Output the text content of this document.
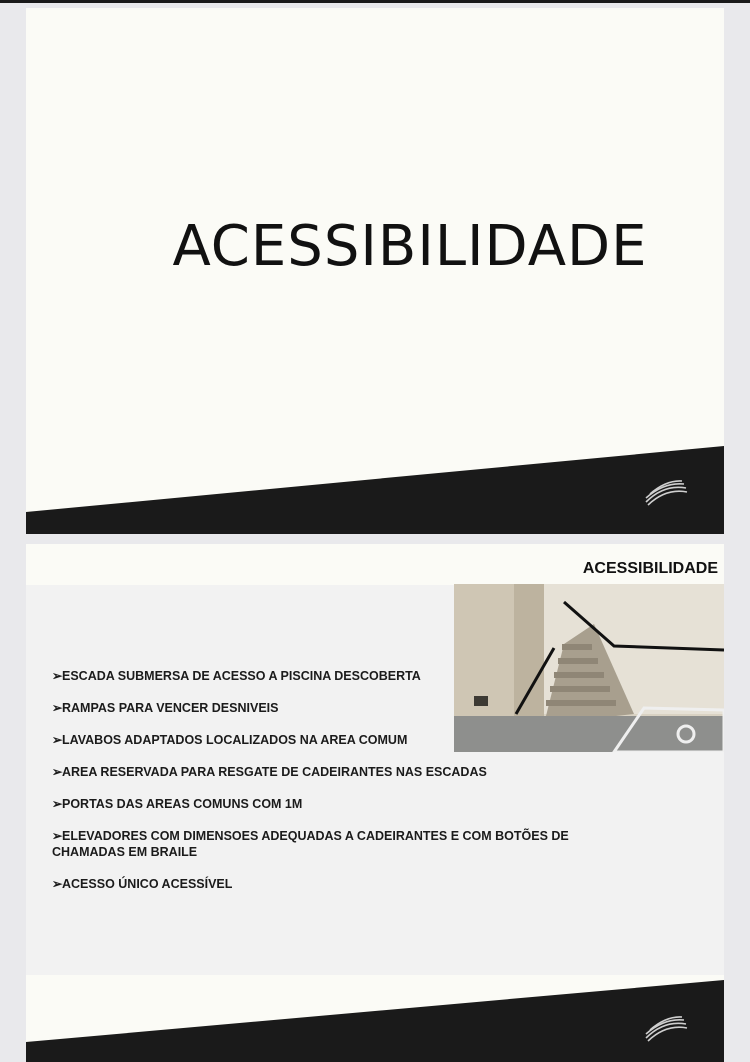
ACESSIBILIDADE
ACESSIBILIDADE
➢ESCADA SUBMERSA DE ACESSO A PISCINA DESCOBERTA
➢RAMPAS PARA VENCER DESNIVEIS
➢LAVABOS ADAPTADOS LOCALIZADOS NA AREA COMUM
➢AREA RESERVADA PARA RESGATE DE CADEIRANTES NAS ESCADAS
➢PORTAS DAS AREAS COMUNS COM 1M
➢ELEVADORES COM DIMENSOES ADEQUADAS A CADEIRANTES E COM BOTÕES DE CHAMADAS EM BRAILE
➢ACESSO ÚNICO ACESSÍVEL
